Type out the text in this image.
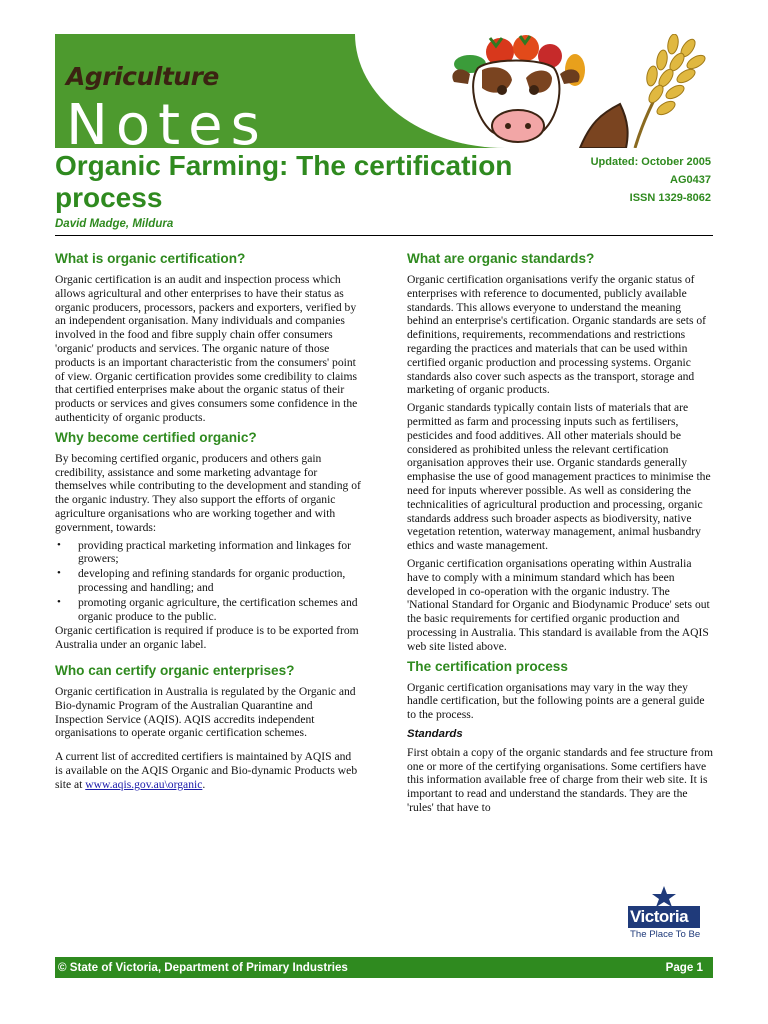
Agriculture
Notes
Organic Farming: The certification process
David Madge, Mildura
Updated: October 2005
AG0437
ISSN 1329-8062
What is organic certification?

Organic certification is an audit and inspection process which allows agricultural and other enterprises to have their status as organic producers, processors, packers and exporters, verified by an independent organisation. Many individuals and companies involved in the food and fibre supply chain offer consumers 'organic' products and services. The organic nature of those products is an important characteristic from the consumers' point of view. Organic certification provides some credibility to claims that certified enterprises make about the organic status of their products or services and gives consumers some confidence in the authenticity of organic products.

Why become certified organic?

By becoming certified organic, producers and others gain credibility, assistance and some marketing advantage for themselves while contributing to the development and standing of the organic industry. They also support the efforts of organic agriculture organisations who are working together and with government, towards:

• providing practical marketing information and linkages for growers;
• developing and refining standards for organic production, processing and handling; and
• promoting organic agriculture, the certification schemes and organic produce to the public.

Organic certification is required if produce is to be exported from Australia under an organic label.

Who can certify organic enterprises?

Organic certification in Australia is regulated by the Organic and Bio-dynamic Program of the Australian Quarantine and Inspection Service (AQIS). AQIS accredits independent organisations to operate organic certification schemes.

A current list of accredited certifiers is maintained by AQIS and is available on the AQIS Organic and Bio-dynamic Products web site at www.aqis.gov.au\organic.

What are organic standards?

Organic certification organisations verify the organic status of enterprises with reference to documented, publicly available standards. This allows everyone to understand the meaning behind an enterprise's certification. Organic standards are sets of definitions, requirements, recommendations and restrictions regarding the practices and materials that can be used within certified organic production and processing systems. Organic standards also cover such aspects as the transport, storage and marketing of organic products.

Organic standards typically contain lists of materials that are permitted as farm and processing inputs such as fertilisers, pesticides and food additives. All other materials should be considered as prohibited unless the relevant certification organisation approves their use. Organic standards generally emphasise the use of good management practices to minimise the need for inputs wherever possible. As well as considering the technicalities of agricultural production and processing, organic standards address such broader aspects as biodiversity, native vegetation retention, waterway management, animal husbandry ethics and waste management.

Organic certification organisations operating within Australia have to comply with a minimum standard which has been developed in co-operation with the organic industry. The 'National Standard for Organic and Biodynamic Produce' sets out the basic requirements for certified organic production and processing in Australia. This standard is available from the AQIS web site listed above.

The certification process

Organic certification organisations may vary in the way they handle certification, but the following points are a general guide to the process.

Standards

First obtain a copy of the organic standards and fee structure from one or more of the certifying organisations. Some certifiers have this information available free of charge from their web site. It is important to read and understand the standards. They are the 'rules' that have to

Victoria
The Place To Be
© State of Victoria, Department of Primary Industries	Page 1
